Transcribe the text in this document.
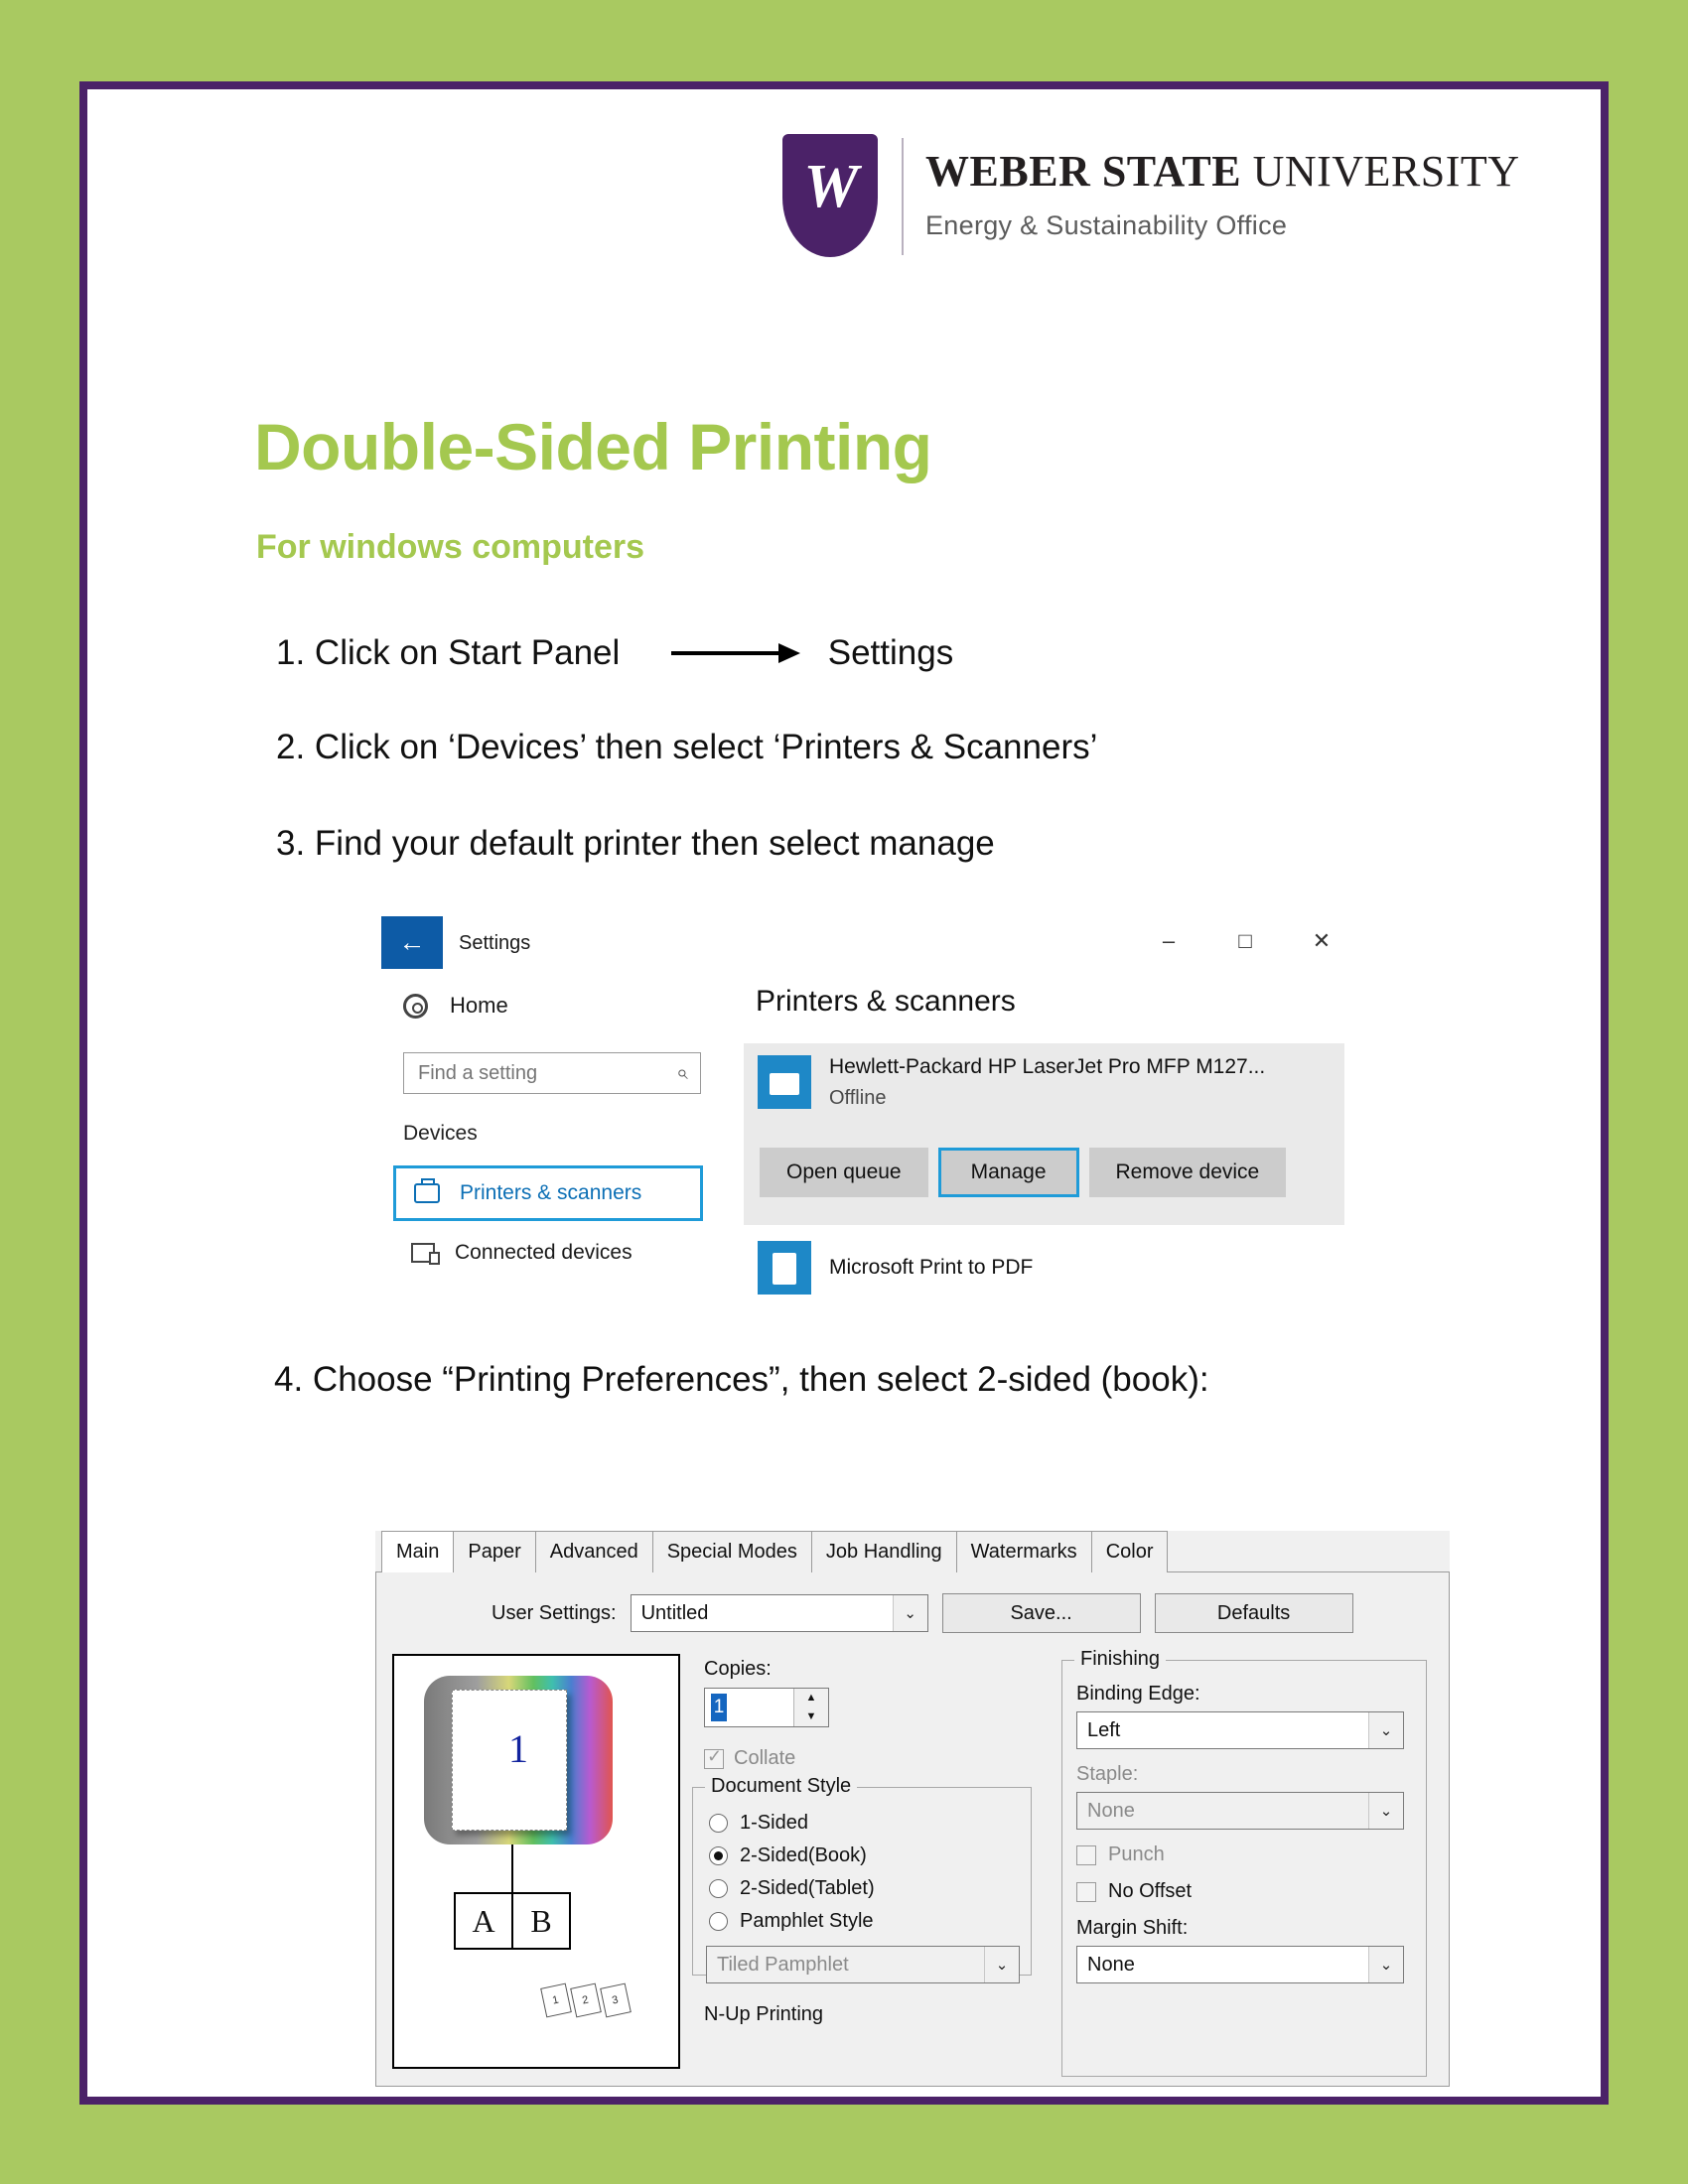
W	WEBER STATE UNIVERSITY
Energy & Sustainability Office
Double-Sided Printing
For windows computers
1. Click on Start Panel	Settings
2. Click on ‘Devices’ then select ‘Printers & Scanners’
3. Find your default printer then select manage
←	Settings	–	□	✕
Home
Find a setting
⌕
Devices
Printers & scanners
Connected devices
Printers & scanners
Hewlett-Packard HP LaserJet Pro MFP M127...
Offline
Open queue	Manage	Remove device
Microsoft Print to PDF
4. Choose “Printing Preferences”, then select 2-sided (book):
Main	Paper	Advanced	Special Modes	Job Handling	Watermarks	Color
User Settings: Untitled	⌄	Save...	Defaults
1
A	B
1 2 3
Copies:
1	▲
▼
✓
Collate
Document Style
1-Sided
2-Sided(Book)
2-Sided(Tablet)
Pamphlet Style
Tiled Pamphlet	⌄
N-Up Printing
Finishing
Binding Edge:
Left	⌄
Staple:
None	⌄
Punch
No Offset
Margin Shift:
None	⌄
